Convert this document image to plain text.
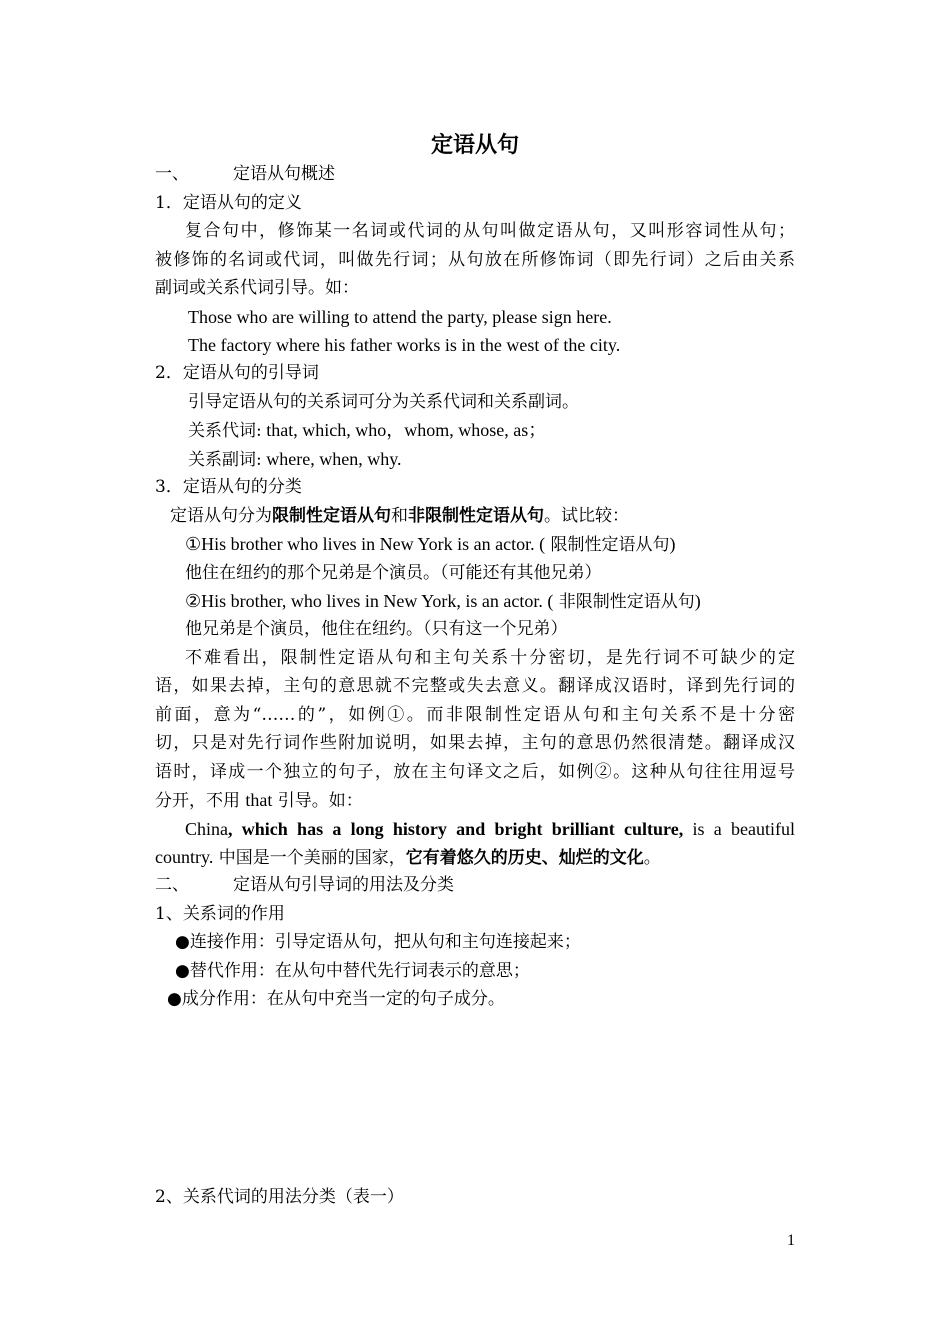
定语从句
一、	定语从句概述
1．定语从句的定义
复合句中，修饰某一名词或代词的从句叫做定语从句，又叫形容词性从句；
被修饰的名词或代词，叫做先行词；从句放在所修饰词（即先行词）之后由关系
副词或关系代词引导。如：
Those who are willing to attend the party, please sign here.
The factory where his father works is in the west of the city.
2．定语从句的引导词
引导定语从句的关系词可分为关系代词和关系副词。
关系代词: that, which, who，whom, whose, as；
关系副词: where, when, why.
3．定语从句的分类
定语从句分为限制性定语从句和非限制性定语从句。试比较：
①His brother who lives in New York is an actor. ( 限制性定语从句)
他住在纽约的那个兄弟是个演员。（可能还有其他兄弟）
②His brother, who lives in New York, is an actor. ( 非限制性定语从句)
他兄弟是个演员，他住在纽约。（只有这一个兄弟）
不难看出，限制性定语从句和主句关系十分密切，是先行词不可缺少的定
语，如果去掉，主句的意思就不完整或失去意义。翻译成汉语时，译到先行词的
前面，意为“……的”，如例①。而非限制性定语从句和主句关系不是十分密
切，只是对先行词作些附加说明，如果去掉，主句的意思仍然很清楚。翻译成汉
语时，译成一个独立的句子，放在主句译文之后，如例②。这种从句往往用逗号
分开，不用 that 引导。如：
China, which has a long history and bright brilliant culture, is a beautiful
country. 中国是一个美丽的国家，它有着悠久的历史、灿烂的文化。
二、	定语从句引导词的用法及分类
1、关系词的作用
●连接作用：引导定语从句，把从句和主句连接起来；
●替代作用：在从句中替代先行词表示的意思；
●成分作用：在从句中充当一定的句子成分。
2、关系代词的用法分类（表一）
1
